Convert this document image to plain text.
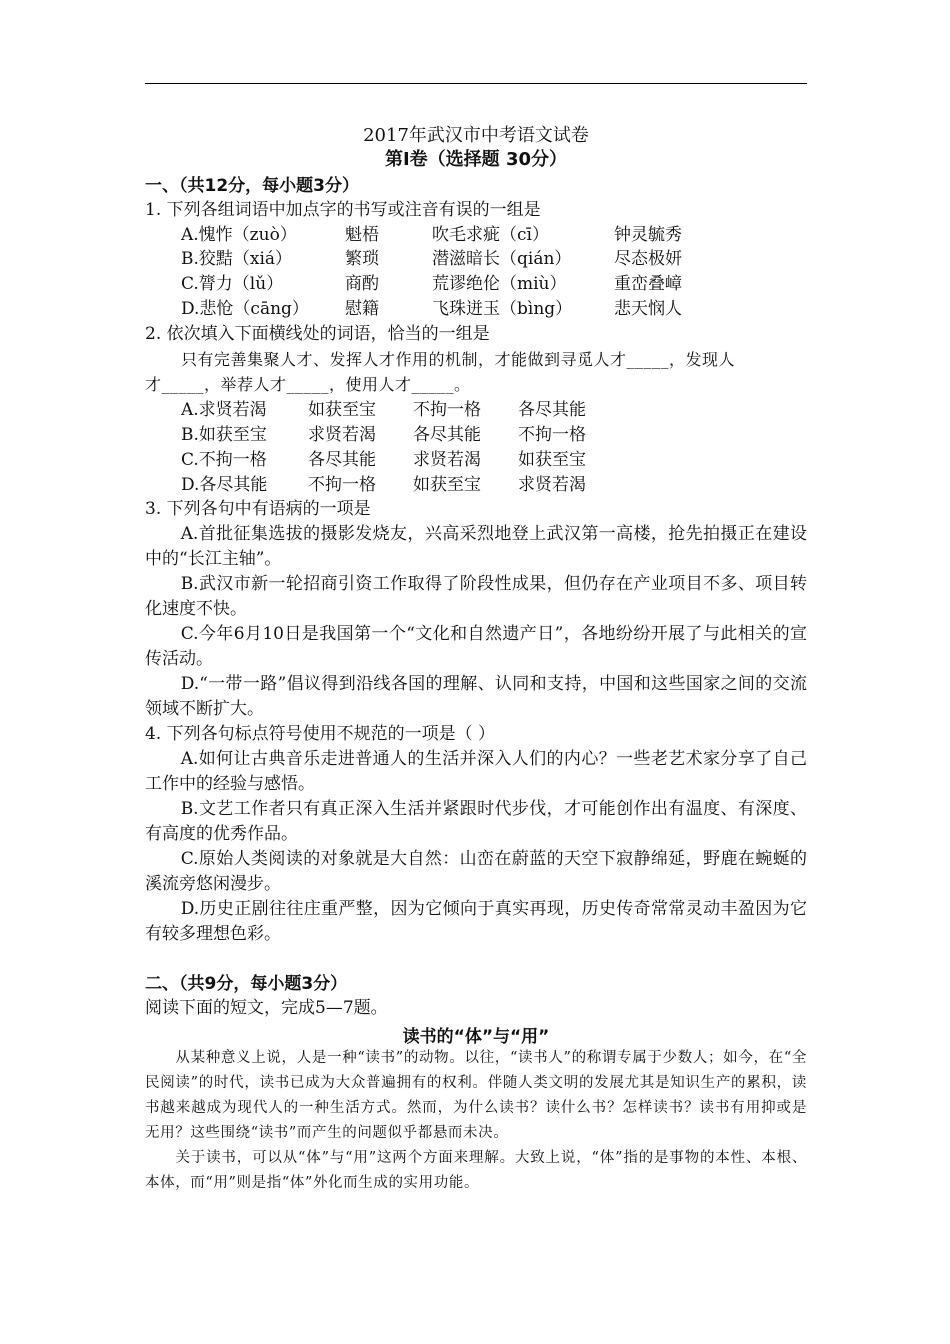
2017年武汉市中考语文试卷
第Ⅰ卷（选择题 30分）
一、（共12分，每小题3分）
1. 下列各组词语中加点字的书写或注音有误的一组是
A.愧怍（zuò）	魁梧	吹毛求疵（cī）	钟灵毓秀
B.狡黠（xiá）	繁琐	潜滋暗长（qián）	尽态极妍
C.膂力（lǔ）	商酌	荒谬绝伦（miù）	重峦叠嶂
D.悲怆（cāng） 慰籍	飞珠迸玉（bìng） 悲天悯人
2. 依次填入下面横线处的词语，恰当的一组是
只有完善集聚人才、发挥人才作用的机制，才能做到寻觅人才_____，发现人
才_____，举荐人才_____，使用人才_____。
A.求贤若渴 如获至宝 不拘一格 各尽其能
B.如获至宝 求贤若渴 各尽其能 不拘一格
C.不拘一格 各尽其能 求贤若渴 如获至宝
D.各尽其能 不拘一格 如获至宝 求贤若渴
3. 下列各句中有语病的一项是
A.首批征集选拔的摄影发烧友，兴高采烈地登上武汉第一高楼，抢先拍摄正在建设中的“长江主轴”。
B.武汉市新一轮招商引资工作取得了阶段性成果，但仍存在产业项目不多、项目转化速度不快。
C.今年6月10日是我国第一个“文化和自然遗产日”，各地纷纷开展了与此相关的宣传活动。
D.“一带一路”倡议得到沿线各国的理解、认同和支持，中国和这些国家之间的交流领域不断扩大。
4. 下列各句标点符号使用不规范的一项是（ ）
A.如何让古典音乐走进普通人的生活并深入人们的内心？一些老艺术家分享了自己工作中的经验与感悟。
B.文艺工作者只有真正深入生活并紧跟时代步伐，才可能创作出有温度、有深度、有高度的优秀作品。
C.原始人类阅读的对象就是大自然：山峦在蔚蓝的天空下寂静绵延，野鹿在蜿蜒的溪流旁悠闲漫步。
D.历史正剧往往庄重严整，因为它倾向于真实再现，历史传奇常常灵动丰盈因为它有较多理想色彩。
二、（共9分，每小题3分）
阅读下面的短文，完成5—7题。
读书的“体”与“用”
从某种意义上说，人是一种“读书”的动物。以往，“读书人”的称谓专属于少数人；如今，在“全民阅读”的时代，读书已成为大众普遍拥有的权利。伴随人类文明的发展尤其是知识生产的累积，读书越来越成为现代人的一种生活方式。然而，为什么读书？读什么书？怎样读书？读书有用抑或是无用？这些围绕“读书”而产生的问题似乎都悬而未决。
关于读书，可以从“体”与“用”这两个方面来理解。大致上说，“体”指的是事物的本性、本根、本体，而“用”则是指“体”外化而生成的实用功能。
